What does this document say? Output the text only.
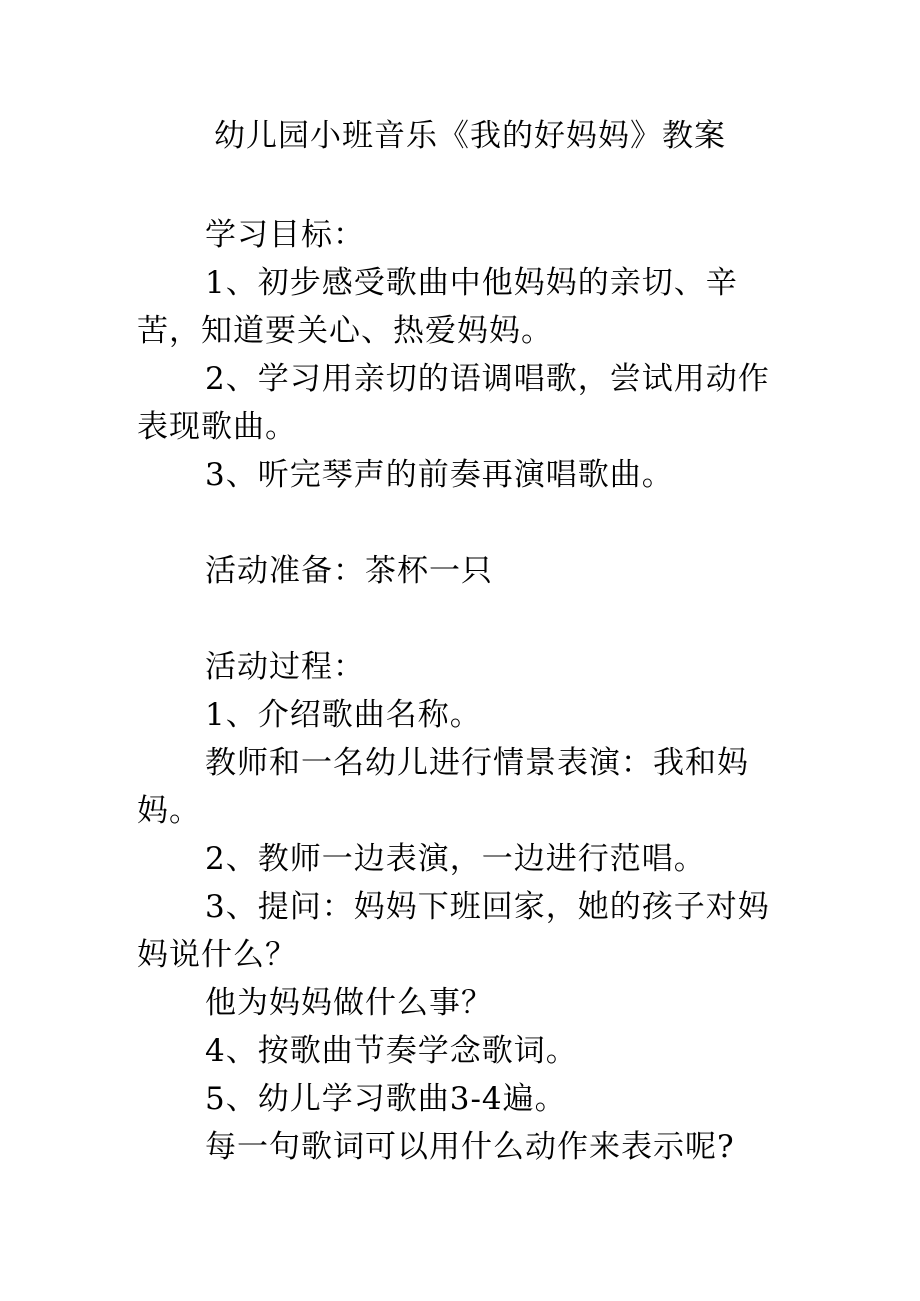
幼儿园小班音乐《我的好妈妈》教案

学习目标：

1、初步感受歌曲中他妈妈的亲切、辛

苦，知道要关心、热爱妈妈。

2、学习用亲切的语调唱歌，尝试用动作

表现歌曲。

3、听完琴声的前奏再演唱歌曲。

活动准备：茶杯一只

活动过程：

1、介绍歌曲名称。

教师和一名幼儿进行情景表演：我和妈

妈。

2、教师一边表演，一边进行范唱。

3、提问：妈妈下班回家，她的孩子对妈

妈说什么？

他为妈妈做什么事？

4、按歌曲节奏学念歌词。

5、幼儿学习歌曲3-4遍。

每一句歌词可以用什么动作来表示呢?
